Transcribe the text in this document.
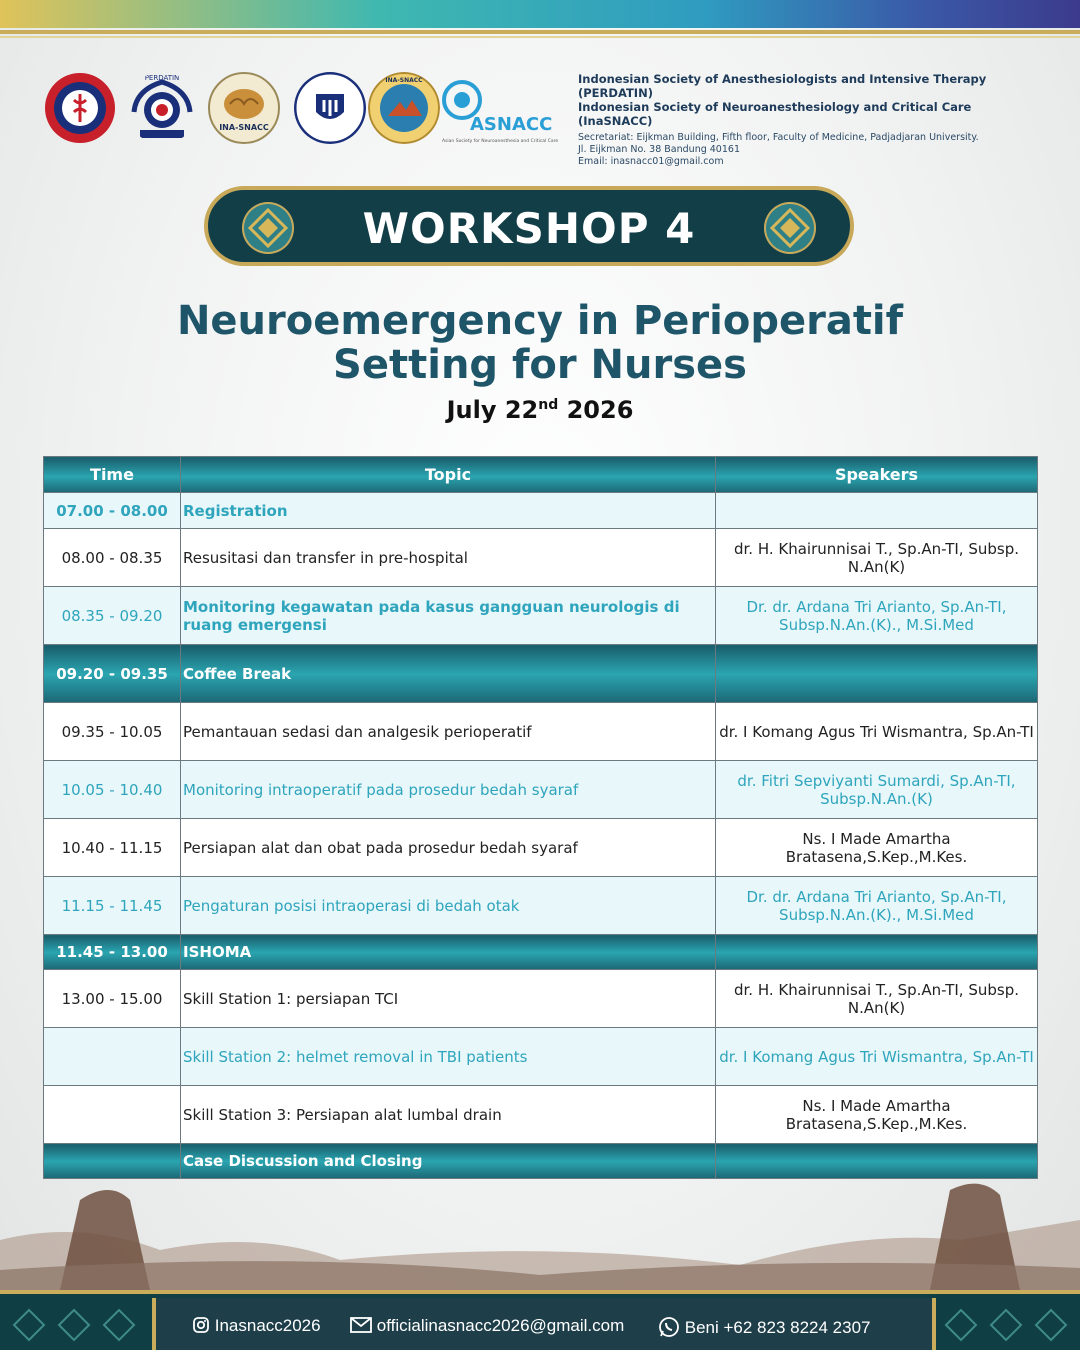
PERDATIN
INA-SNACC
INA-SNACC
ASNACC
Asian Society for Neuroanesthesia and Critical Care
Indonesian Society of Anesthesiologists and Intensive Therapy (PERDATIN)
Indonesian Society of Neuroanesthesiology and Critical Care (InaSNACC)
Secretariat: Eijkman Building, Fifth floor, Faculty of Medicine, Padjadjaran University.
Jl. Eijkman No. 38 Bandung 40161
Email: inasnacc01@gmail.com
WORKSHOP 4
Neuroemergency in Perioperatif
Setting for Nurses
July 22nd 2026
Time	Topic	Speakers
07.00 - 08.00	Registration	
08.00 - 08.35	Resusitasi dan transfer in pre-hospital	dr. H. Khairunnisai T., Sp.An-TI, Subsp. N.An(K)
08.35 - 09.20	Monitoring kegawatan pada kasus gangguan neurologis di ruang emergensi	Dr. dr. Ardana Tri Arianto, Sp.An-TI, Subsp.N.An.(K)., M.Si.Med
09.20 - 09.35	Coffee Break	
09.35 - 10.05	Pemantauan sedasi dan analgesik perioperatif	dr. I Komang Agus Tri Wismantra, Sp.An-TI
10.05 - 10.40	Monitoring intraoperatif pada prosedur bedah syaraf	dr. Fitri Sepviyanti Sumardi, Sp.An-TI, Subsp.N.An.(K)
10.40 - 11.15	Persiapan alat dan obat pada prosedur bedah syaraf	Ns. I Made Amartha Bratasena,S.Kep.,M.Kes.
11.15 - 11.45	Pengaturan posisi intraoperasi di bedah otak	Dr. dr. Ardana Tri Arianto, Sp.An-TI, Subsp.N.An.(K)., M.Si.Med
11.45 - 13.00	ISHOMA	
13.00 - 15.00	Skill Station 1: persiapan TCI	dr. H. Khairunnisai T., Sp.An-TI, Subsp. N.An(K)
	Skill Station 2: helmet removal in TBI patients	dr. I Komang Agus Tri Wismantra, Sp.An-TI
	Skill Station 3: Persiapan alat lumbal drain	Ns. I Made Amartha Bratasena,S.Kep.,M.Kes.
	Case Discussion and Closing	
Inasnacc2026	officialinasnacc2026@gmail.com	Beni +62 823 8224 2307
